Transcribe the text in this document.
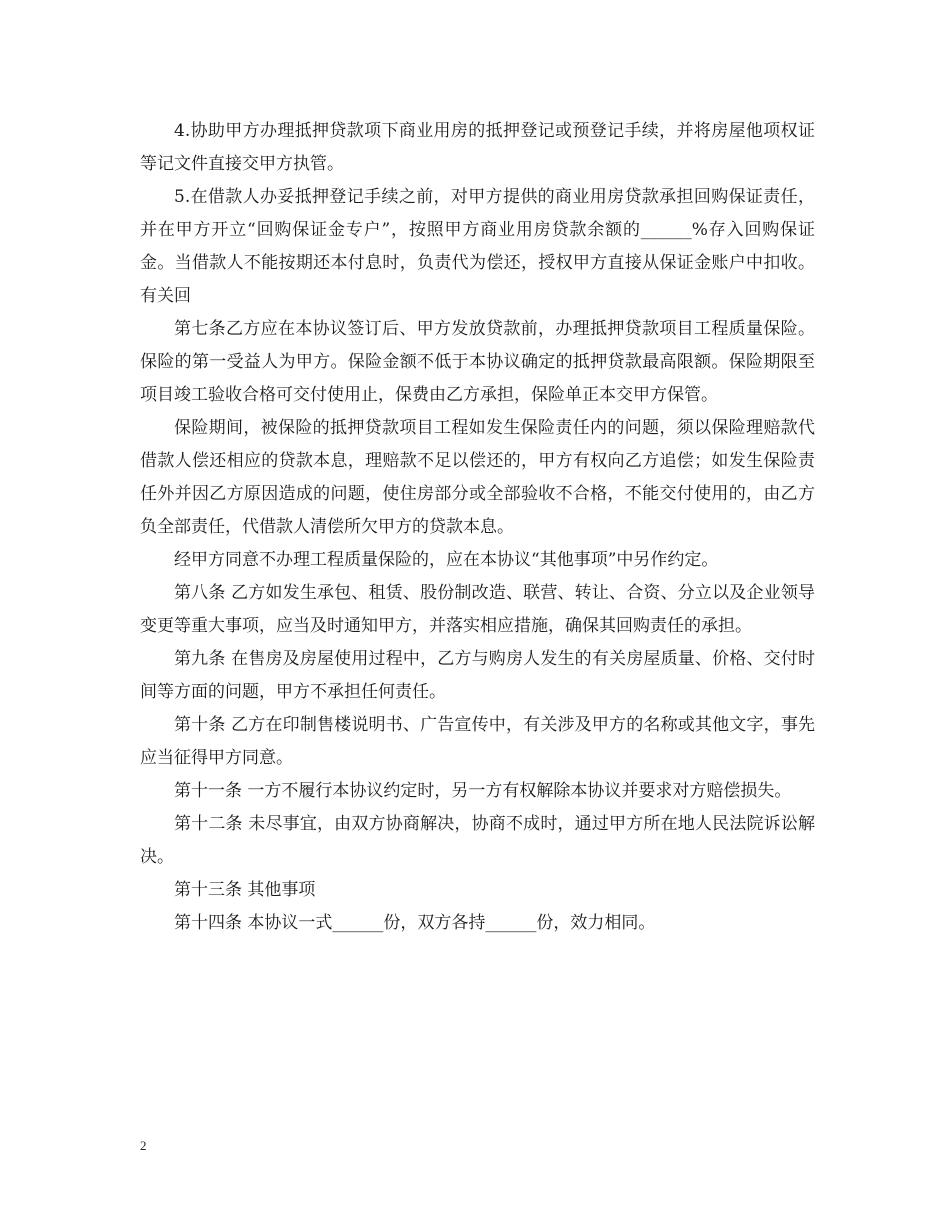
4.协助甲方办理抵押贷款项下商业用房的抵押登记或预登记手续，并将房屋他项权证等记文件直接交甲方执管。

5.在借款人办妥抵押登记手续之前，对甲方提供的商业用房贷款承担回购保证责任，并在甲方开立“回购保证金专户”，按照甲方商业用房贷款余额的______%存入回购保证金。当借款人不能按期还本付息时，负责代为偿还，授权甲方直接从保证金账户中扣收。有关回

第七条乙方应在本协议签订后、甲方发放贷款前，办理抵押贷款项目工程质量保险。保险的第一受益人为甲方。保险金额不低于本协议确定的抵押贷款最高限额。保险期限至项目竣工验收合格可交付使用止，保费由乙方承担，保险单正本交甲方保管。

保险期间，被保险的抵押贷款项目工程如发生保险责任内的问题，须以保险理赔款代借款人偿还相应的贷款本息，理赔款不足以偿还的，甲方有权向乙方追偿；如发生保险责任外并因乙方原因造成的问题，使住房部分或全部验收不合格，不能交付使用的，由乙方负全部责任，代借款人清偿所欠甲方的贷款本息。

经甲方同意不办理工程质量保险的，应在本协议“其他事项”中另作约定。

第八条 乙方如发生承包、租赁、股份制改造、联营、转让、合资、分立以及企业领导变更等重大事项，应当及时通知甲方，并落实相应措施，确保其回购责任的承担。

第九条 在售房及房屋使用过程中，乙方与购房人发生的有关房屋质量、价格、交付时间等方面的问题，甲方不承担任何责任。

第十条 乙方在印制售楼说明书、广告宣传中，有关涉及甲方的名称或其他文字，事先应当征得甲方同意。

第十一条 一方不履行本协议约定时，另一方有权解除本协议并要求对方赔偿损失。

第十二条 未尽事宜，由双方协商解决，协商不成时，通过甲方所在地人民法院诉讼解决。

第十三条 其他事项

第十四条 本协议一式______份，双方各持______份，效力相同。

2
